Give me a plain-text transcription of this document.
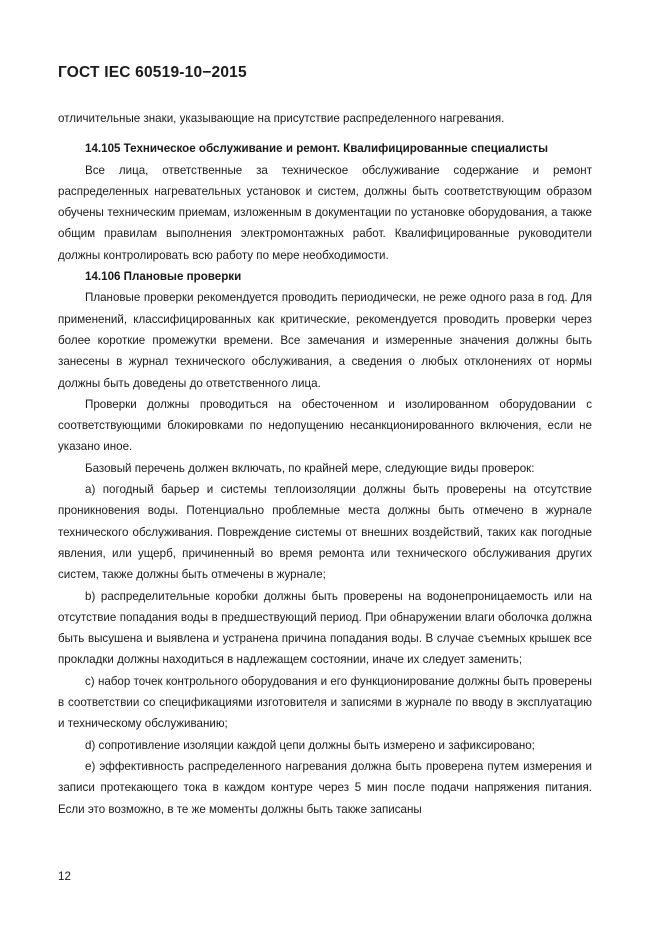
ГОСТ IEC 60519-10−2015

отличительные знаки, указывающие на присутствие распределенного нагревания.

14.105 Техническое обслуживание и ремонт. Квалифицированные специалисты

Все лица, ответственные за техническое обслуживание содержание и ремонт распределенных нагревательных установок и систем, должны быть соответствующим образом обучены техническим приемам, изложенным в документации по установке оборудования, а также общим правилам выполнения электромонтажных работ. Квалифицированные руководители должны контролировать всю работу по мере необходимости.

14.106 Плановые проверки

Плановые проверки рекомендуется проводить периодически, не реже одного раза в год. Для применений, классифицированных как критические, рекомендуется проводить проверки через более короткие промежутки времени. Все замечания и измеренные значения должны быть занесены в журнал технического обслуживания, а сведения о любых отклонениях от нормы должны быть доведены до ответственного лица.

Проверки должны проводиться на обесточенном и изолированном оборудовании с соответствующими блокировками по недопущению несанкционированного включения, если не указано иное.

Базовый перечень должен включать, по крайней мере, следующие виды проверок:

а) погодный барьер и системы теплоизоляции должны быть проверены на отсутствие проникновения воды. Потенциально проблемные места должны быть отмечено в журнале технического обслуживания. Повреждение системы от внешних воздействий, таких как погодные явления, или ущерб, причиненный во время ремонта или технического обслуживания других систем, также должны быть отмечены в журнале;

b) распределительные коробки должны быть проверены на водонепроницаемость или на отсутствие попадания воды в предшествующий период. При обнаружении влаги оболочка должна быть высушена и выявлена и устранена причина попадания воды. В случае съемных крышек все прокладки должны находиться в надлежащем состоянии, иначе их следует заменить;

с) набор точек контрольного оборудования и его функционирование должны быть проверены в соответствии со спецификациями изготовителя и записями в журнале по вводу в эксплуатацию и техническому обслуживанию;

d) сопротивление изоляции каждой цепи должны быть измерено и зафиксировано;

е) эффективность распределенного нагревания должна быть проверена путем измерения и записи протекающего тока в каждом контуре через 5 мин после подачи напряжения питания. Если это возможно, в те же моменты должны быть также записаны

12
